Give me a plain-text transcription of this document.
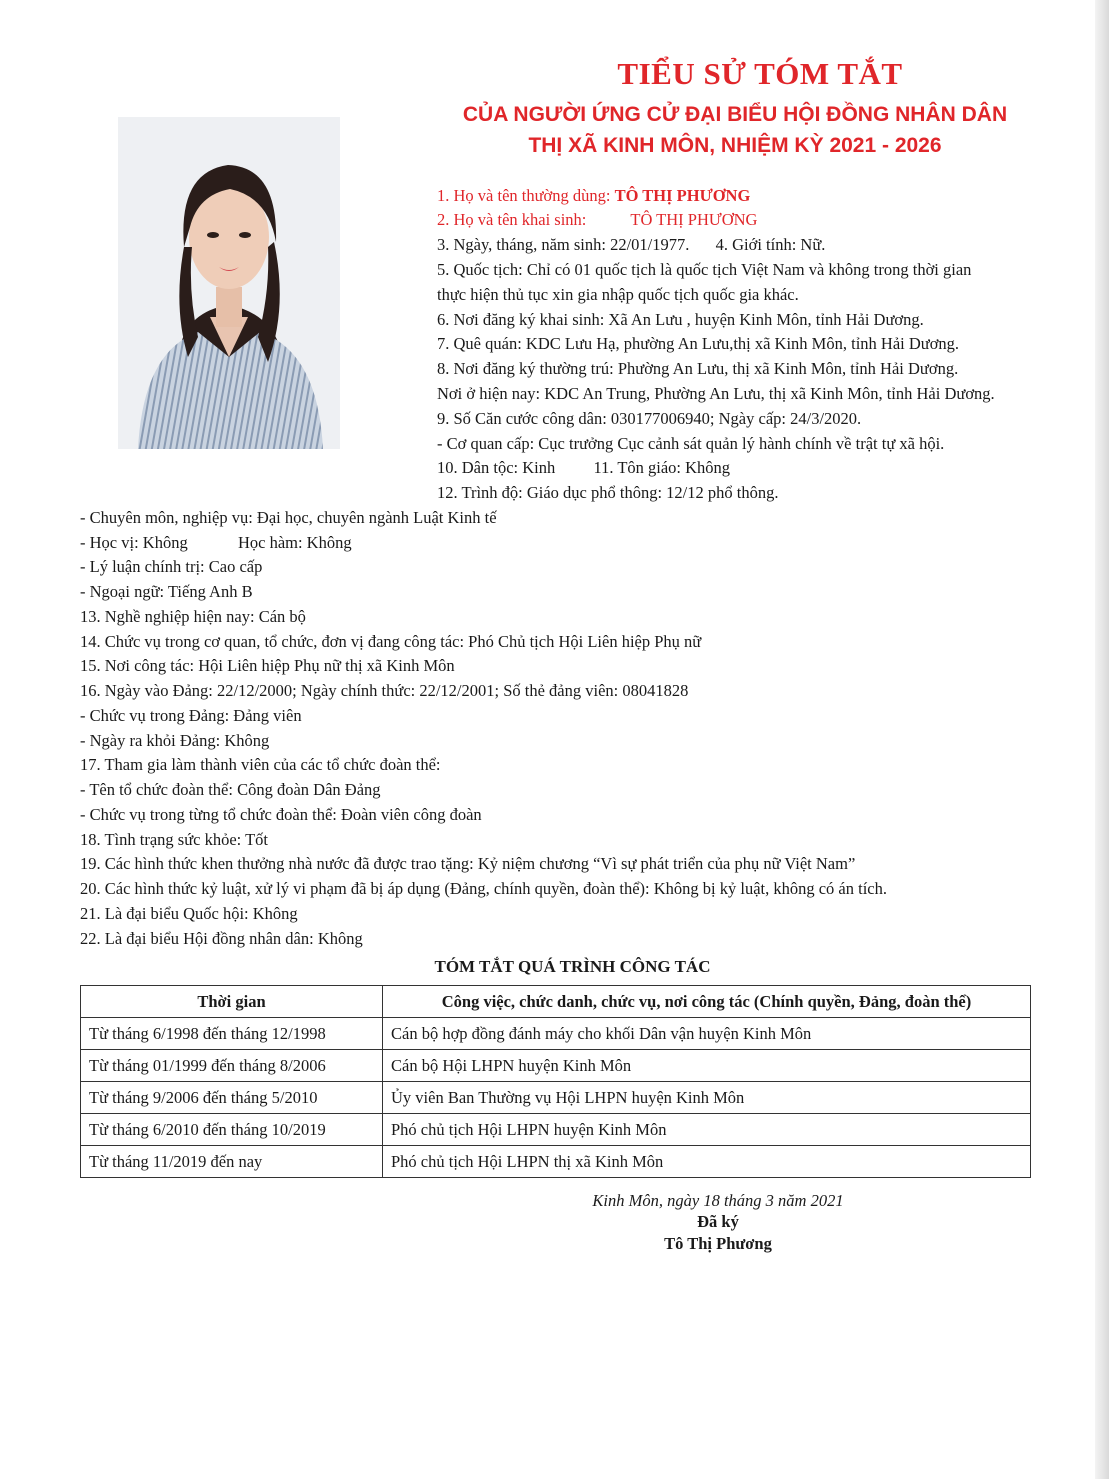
TIỂU SỬ TÓM TẮT
CỦA NGƯỜI ỨNG CỬ ĐẠI BIỂU HỘI ĐỒNG NHÂN DÂN
THỊ XÃ KINH MÔN, NHIỆM KỲ 2021 - 2026
1. Họ và tên thường dùng: TÔ THỊ PHƯƠNG
2. Họ và tên khai sinh:	TÔ THỊ PHƯƠNG
3. Ngày, tháng, năm sinh: 22/01/1977. 4. Giới tính: Nữ.
5. Quốc tịch: Chỉ có 01 quốc tịch là quốc tịch Việt Nam và không trong thời gian
thực hiện thủ tục xin gia nhập quốc tịch quốc gia khác.
6. Nơi đăng ký khai sinh: Xã An Lưu , huyện Kinh Môn, tỉnh Hải Dương.
7. Quê quán: KDC Lưu Hạ, phường An Lưu,thị xã Kinh Môn, tỉnh Hải Dương.
8. Nơi đăng ký thường trú: Phường An Lưu, thị xã Kinh Môn, tỉnh Hải Dương.
Nơi ở hiện nay: KDC An Trung, Phường An Lưu, thị xã Kinh Môn, tỉnh Hải Dương.
9. Số Căn cước công dân: 030177006940; Ngày cấp: 24/3/2020.
- Cơ quan cấp: Cục trưởng Cục cảnh sát quản lý hành chính về trật tự xã hội.
10. Dân tộc: Kinh 11. Tôn giáo: Không
12. Trình độ: Giáo dục phổ thông: 12/12 phổ thông.
- Chuyên môn, nghiệp vụ: Đại học, chuyên ngành Luật Kinh tế
- Học vị: Không	Học hàm: Không
- Lý luận chính trị: Cao cấp
- Ngoại ngữ: Tiếng Anh B
13. Nghề nghiệp hiện nay: Cán bộ
14. Chức vụ trong cơ quan, tổ chức, đơn vị đang công tác: Phó Chủ tịch Hội Liên hiệp Phụ nữ
15. Nơi công tác: Hội Liên hiệp Phụ nữ thị xã Kinh Môn
16. Ngày vào Đảng: 22/12/2000; Ngày chính thức: 22/12/2001; Số thẻ đảng viên: 08041828
- Chức vụ trong Đảng: Đảng viên
- Ngày ra khỏi Đảng: Không
17. Tham gia làm thành viên của các tổ chức đoàn thể:
- Tên tổ chức đoàn thể: Công đoàn Dân Đảng
- Chức vụ trong từng tổ chức đoàn thể: Đoàn viên công đoàn
18. Tình trạng sức khỏe: Tốt
19. Các hình thức khen thưởng nhà nước đã được trao tặng: Kỷ niệm chương “Vì sự phát triển của phụ nữ Việt Nam”
20. Các hình thức kỷ luật, xử lý vi phạm đã bị áp dụng (Đảng, chính quyền, đoàn thể): Không bị kỷ luật, không có án tích.
21. Là đại biểu Quốc hội: Không
22. Là đại biểu Hội đồng nhân dân: Không
TÓM TẮT QUÁ TRÌNH CÔNG TÁC
Thời gian	Công việc, chức danh, chức vụ, nơi công tác (Chính quyền, Đảng, đoàn thể)
Từ tháng 6/1998 đến tháng 12/1998	Cán bộ hợp đồng đánh máy cho khối Dân vận huyện Kinh Môn
Từ tháng 01/1999 đến tháng 8/2006	Cán bộ Hội LHPN huyện Kinh Môn
Từ tháng 9/2006 đến tháng 5/2010	Ủy viên Ban Thường vụ Hội LHPN huyện Kinh Môn
Từ tháng 6/2010 đến tháng 10/2019	Phó chủ tịch Hội LHPN huyện Kinh Môn
Từ tháng 11/2019 đến nay	Phó chủ tịch Hội LHPN thị xã Kinh Môn
Kinh Môn, ngày 18 tháng 3 năm 2021
Đã ký
Tô Thị Phương
